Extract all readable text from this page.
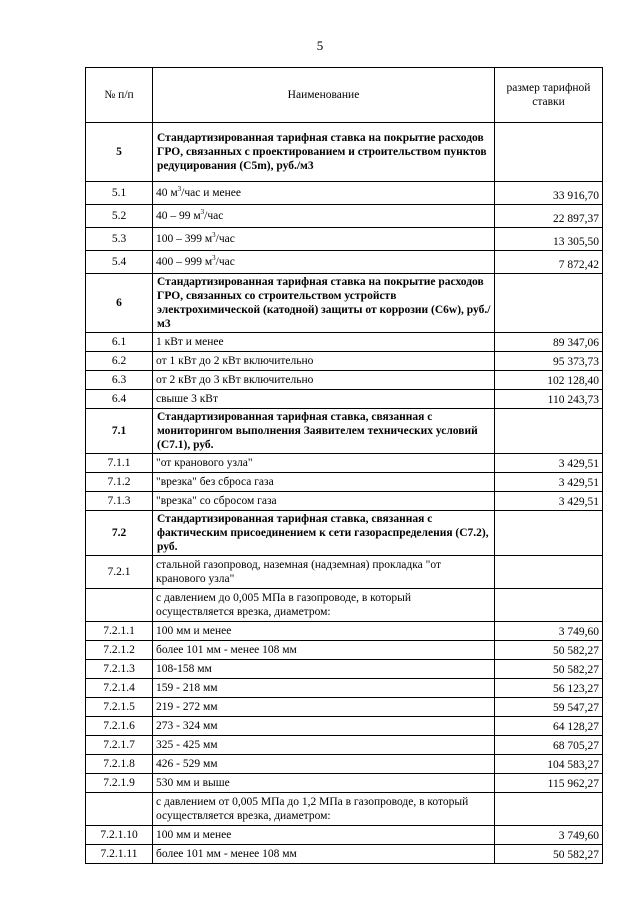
5
№ п/п	Наименование	размер тарифной ставки
5	Стандартизированная тарифная ставка на покрытие расходов ГРО, связанных с проектированием и строительством пунктов редуцирования (С5m), руб./м3	
5.1	40 $м^3$/час и менее	33 916,70
5.2	40 – 99 $м^3$/час	22 897,37
5.3	100 – 399 $м^3$/час	13 305,50
5.4	400 – 999 $м^3$/час	7 872,42
6	Стандартизированная тарифная ставка на покрытие расходов ГРО, связанных со строительством устройств электрохимической (катодной) защиты от коррозии (С6w), руб./м3	
6.1	1 кВт и менее	89 347,06
6.2	от 1 кВт до 2 кВт включительно	95 373,73
6.3	от 2 кВт до 3 кВт включительно	102 128,40
6.4	свыше 3 кВт	110 243,73
7.1	Стандартизированная тарифная ставка, связанная с мониторингом выполнения Заявителем технических условий (С7.1), руб.	
7.1.1	"от кранового узла"	3 429,51
7.1.2	"врезка" без сброса газа	3 429,51
7.1.3	"врезка" со сбросом газа	3 429,51
7.2	Стандартизированная тарифная ставка, связанная с фактическим присоединением к сети газораспределения (С7.2), руб.	
7.2.1	стальной газопровод, наземная (надземная) прокладка "от кранового узла"	
	с давлением до 0,005 МПа в газопроводе, в который осуществляется врезка, диаметром:	
7.2.1.1	100 мм и менее	3 749,60
7.2.1.2	более 101 мм - менее 108 мм	50 582,27
7.2.1.3	108-158 мм	50 582,27
7.2.1.4	159 - 218 мм	56 123,27
7.2.1.5	219 - 272 мм	59 547,27
7.2.1.6	273 - 324 мм	64 128,27
7.2.1.7	325 - 425 мм	68 705,27
7.2.1.8	426 - 529 мм	104 583,27
7.2.1.9	530 мм и выше	115 962,27
	с давлением от 0,005 МПа до 1,2 МПа в газопроводе, в который осуществляется врезка, диаметром:	
7.2.1.10	100 мм и менее	3 749,60
7.2.1.11	более 101 мм - менее 108 мм	50 582,27
